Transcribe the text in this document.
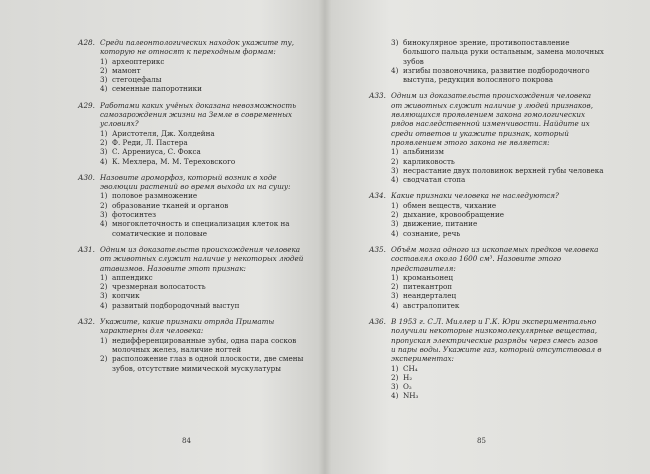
А28. Среди палеонтологических находок укажите ту, которую не относят к переходным формам:
1) археоптерикс
2) мамонт
3) стегоцефалы
4) семенные папоротники
А29. Работами каких учёных доказана невозможность самозарождения жизни на Земле в современных условиях?
1) Аристотеля, Дж. Холдейна
2) Ф. Реди, Л. Пастера
3) С. Аррениуса, С. Фокса
4) К. Мехлера, М. М. Тереховского
А30. Назовите ароморфоз, который возник в ходе эволюции растений во время выхода их на сушу:
1) половое размножение
2) образование тканей и органов
3) фотосинтез
4) многоклеточность и специализация клеток на соматические и половые
А31. Одним из доказательств происхождения человека от животных служит наличие у некоторых людей атавизмов. Назовите этот признак:
1) аппендикс
2) чрезмерная волосатость
3) копчик
4) развитый подбородочный выступ
А32. Укажите, какие признаки отряда Приматы характерны для человека:
1) недифференцированные зубы, одна пара сосков молочных желез, наличие ногтей
2) расположение глаз в одной плоскости, две смены зубов, отсутствие мимической мускулатуры
84
3) бинокулярное зрение, противопоставление большого пальца руки остальным, замена молочных зубов
4) изгибы позвоночника, развитие подбородочного выступа, редукция волосяного покрова
А33. Одним из доказательств происхождения человека от животных служит наличие у людей признаков, являющихся проявлением закона гомологических рядов наследственной изменчивости. Найдите их среди ответов и укажите признак, который проявлением этого закона не является:
1) альбинизм
2) карликовость
3) несрастание двух половинок верхней губы человека
4) сводчатая стопа
А34. Какие признаки человека не наследуются?
1) обмен веществ, чихание
2) дыхание, кровообращение
3) движение, питание
4) сознание, речь
А35. Объём мозга одного из ископаемых предков человека составлял около 1600 см³. Назовите этого представителя:
1) кроманьонец
2) питекантроп
3) неандерталец
4) австралопитек
А36. В 1953 г. С.Л. Миллер и Г.К. Юри экспериментально получили некоторые низкомолекулярные вещества, пропуская электрические разряды через смесь газов и пары воды. Укажите газ, который отсутствовал в экспериментах:
1) CH₄
2) H₂
3) O₂
4) NH₃
85
